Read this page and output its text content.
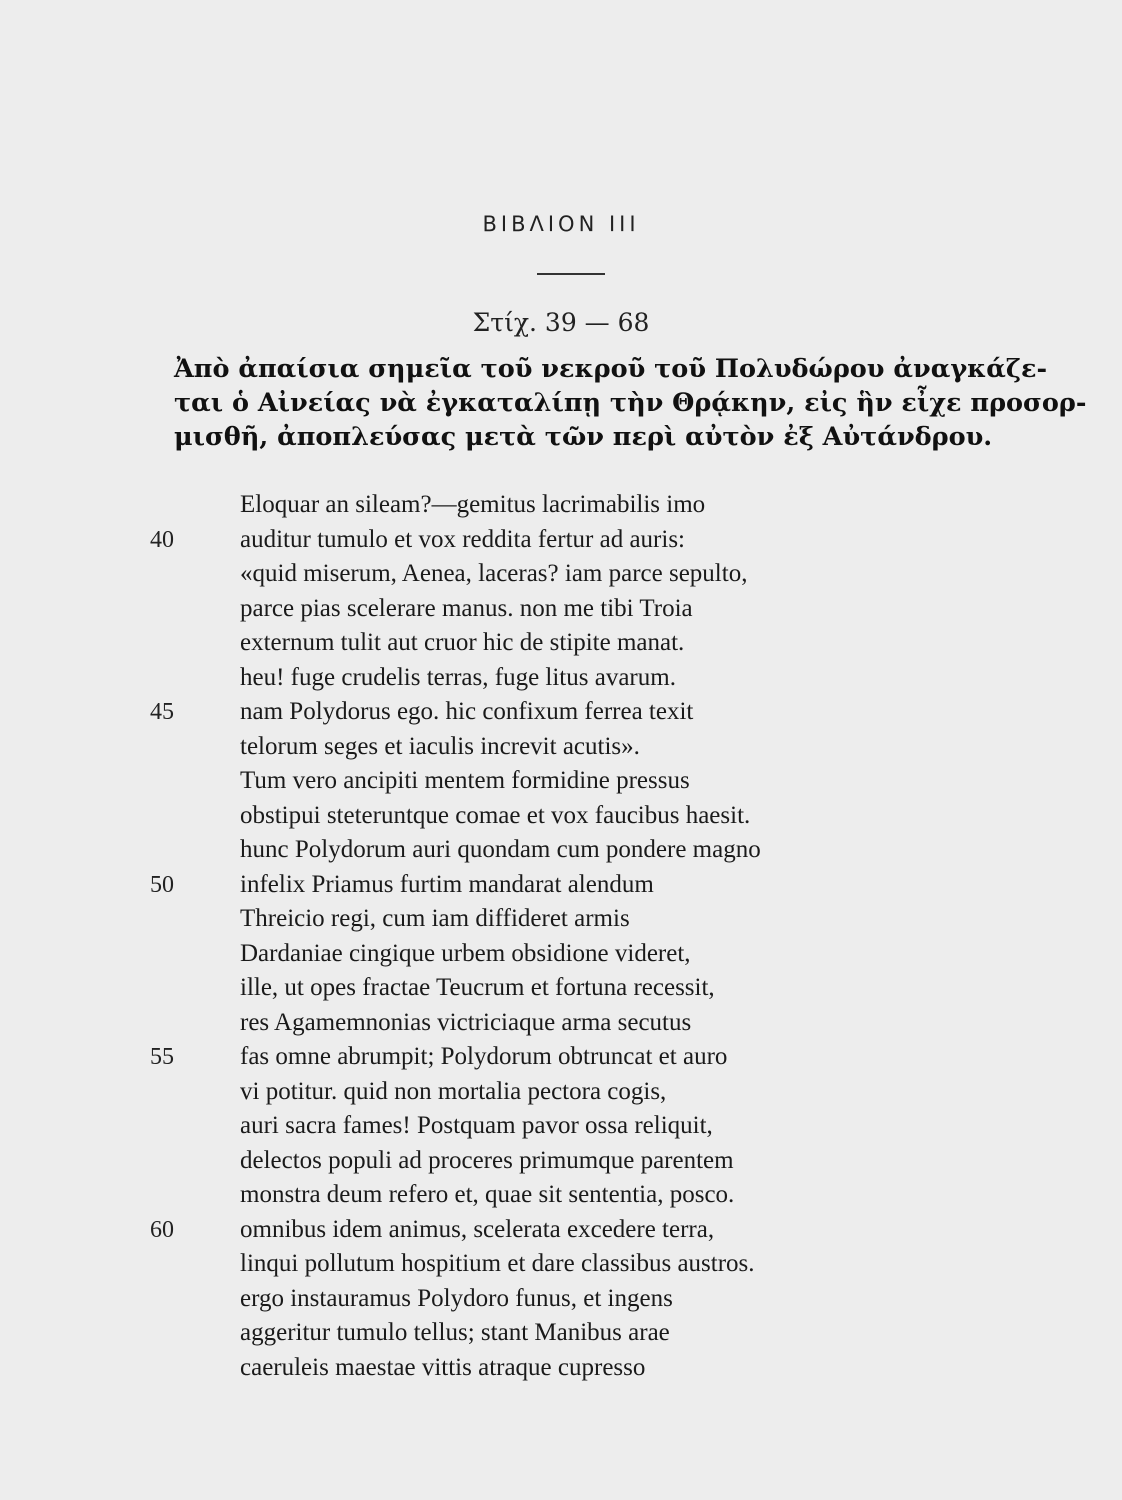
ΒΙΒΛΙΟΝ ΙΙΙ
Στίχ. 39 — 68
Ἀπὸ ἀπαίσια σημεῖα τοῦ νεκροῦ τοῦ Πολυδώρου ἀναγκάζε-
ται ὁ Αἰνείας νὰ ἐγκαταλίπῃ τὴν Θρᾴκην, εἰς ἣν εἶχε προσορ-
μισθῆ, ἀποπλεύσας μετὰ τῶν περὶ αὐτὸν ἐξ Αὐτάνδρου.
Eloquar an sileam?—gemitus lacrimabilis imo
40	auditur tumulo et vox reddita fertur ad auris:
«quid miserum, Aenea, laceras? iam parce sepulto,
parce pias scelerare manus. non me tibi Troia
externum tulit aut cruor hic de stipite manat.
heu! fuge crudelis terras, fuge litus avarum.
45	nam Polydorus ego. hic confixum ferrea texit
telorum seges et iaculis increvit acutis».
Tum vero ancipiti mentem formidine pressus
obstipui steteruntque comae et vox faucibus haesit.
hunc Polydorum auri quondam cum pondere magno
50	infelix Priamus furtim mandarat alendum
Threicio regi, cum iam diffideret armis
Dardaniae cingique urbem obsidione videret,
ille, ut opes fractae Teucrum et fortuna recessit,
res Agamemnonias victriciaque arma secutus
55	fas omne abrumpit; Polydorum obtruncat et auro
vi potitur. quid non mortalia pectora cogis,
auri sacra fames! Postquam pavor ossa reliquit,
delectos populi ad proceres primumque parentem
monstra deum refero et, quae sit sententia, posco.
60	omnibus idem animus, scelerata excedere terra,
linqui pollutum hospitium et dare classibus austros.
ergo instauramus Polydoro funus, et ingens
aggeritur tumulo tellus; stant Manibus arae
caeruleis maestae vittis atraque cupresso
